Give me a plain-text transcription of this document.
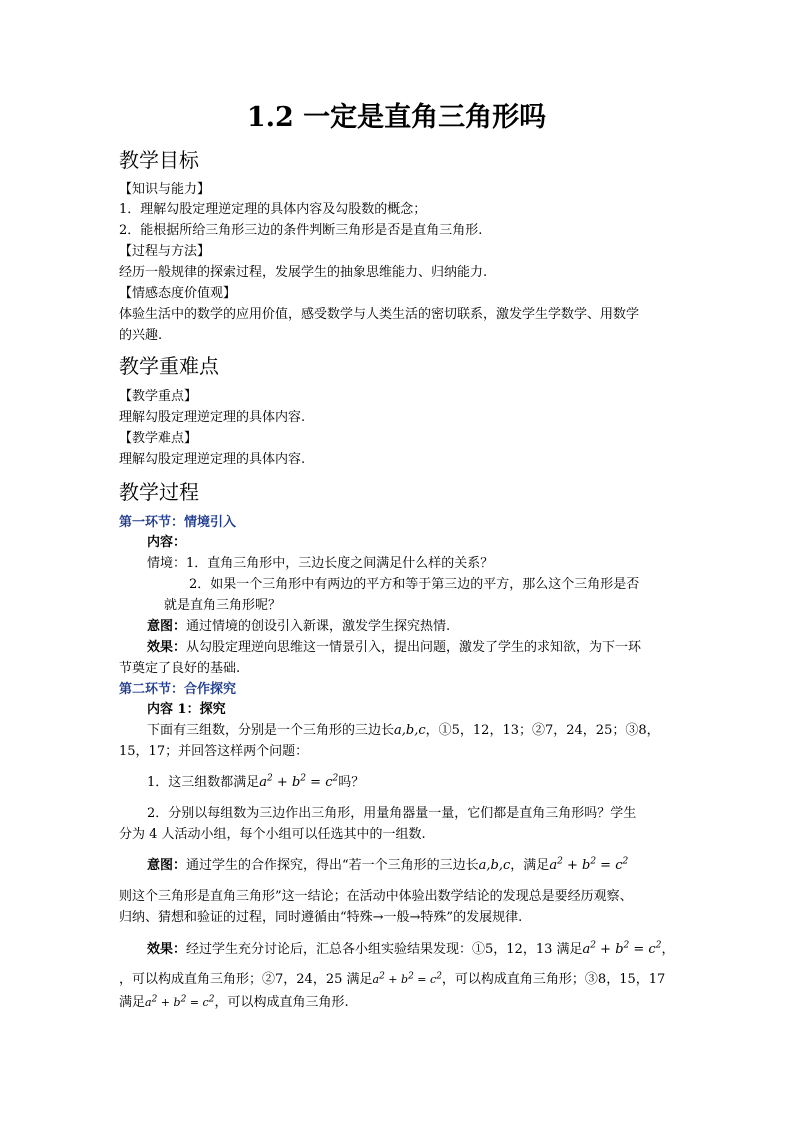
1.2 一定是直角三角形吗
教学目标
【知识与能力】
1．理解勾股定理逆定理的具体内容及勾股数的概念；
2．能根据所给三角形三边的条件判断三角形是否是直角三角形.
【过程与方法】
经历一般规律的探索过程，发展学生的抽象思维能力、归纳能力.
【情感态度价值观】
体验生活中的数学的应用价值，感受数学与人类生活的密切联系，激发学生学数学、用数学
的兴趣.
教学重难点
【教学重点】
理解勾股定理逆定理的具体内容.
【教学难点】
理解勾股定理逆定理的具体内容.
教学过程
第一环节：情境引入
内容：
情境：1．直角三角形中，三边长度之间满足什么样的关系？
2．如果一个三角形中有两边的平方和等于第三边的平方，那么这个三角形是否
就是直角三角形呢？
意图：通过情境的创设引入新课，激发学生探究热情.
效果：从勾股定理逆向思维这一情景引入，提出问题，激发了学生的求知欲，为下一环
节奠定了良好的基础.
第二环节：合作探究
内容 1：探究
下面有三组数，分别是一个三角形的三边长a,b,c，①5，12，13；②7，24，25；③8，
15，17；并回答这样两个问题：
1．这三组数都满足$a^2 + b^2 = c^2$吗？
2．分别以每组数为三边作出三角形，用量角器量一量，它们都是直角三角形吗？学生
分为 4 人活动小组，每个小组可以任选其中的一组数.
意图：通过学生的合作探究，得出“若一个三角形的三边长a,b,c，满足$a^2 + b^2 = c^2$
则这个三角形是直角三角形”这一结论；在活动中体验出数学结论的发现总是要经历观察、
归纳、猜想和验证的过程，同时遵循由“特殊→一般→特殊”的发展规律.
效果：经过学生充分讨论后，汇总各小组实验结果发现：①5，12，13 满足$a^2 + b^2 = c^2$，
，可以构成直角三角形；②7，24，25 满足$a^2 + b^2 = c^2$，可以构成直角三角形；③8，15，17
满足$a^2 + b^2 = c^2$，可以构成直角三角形.
